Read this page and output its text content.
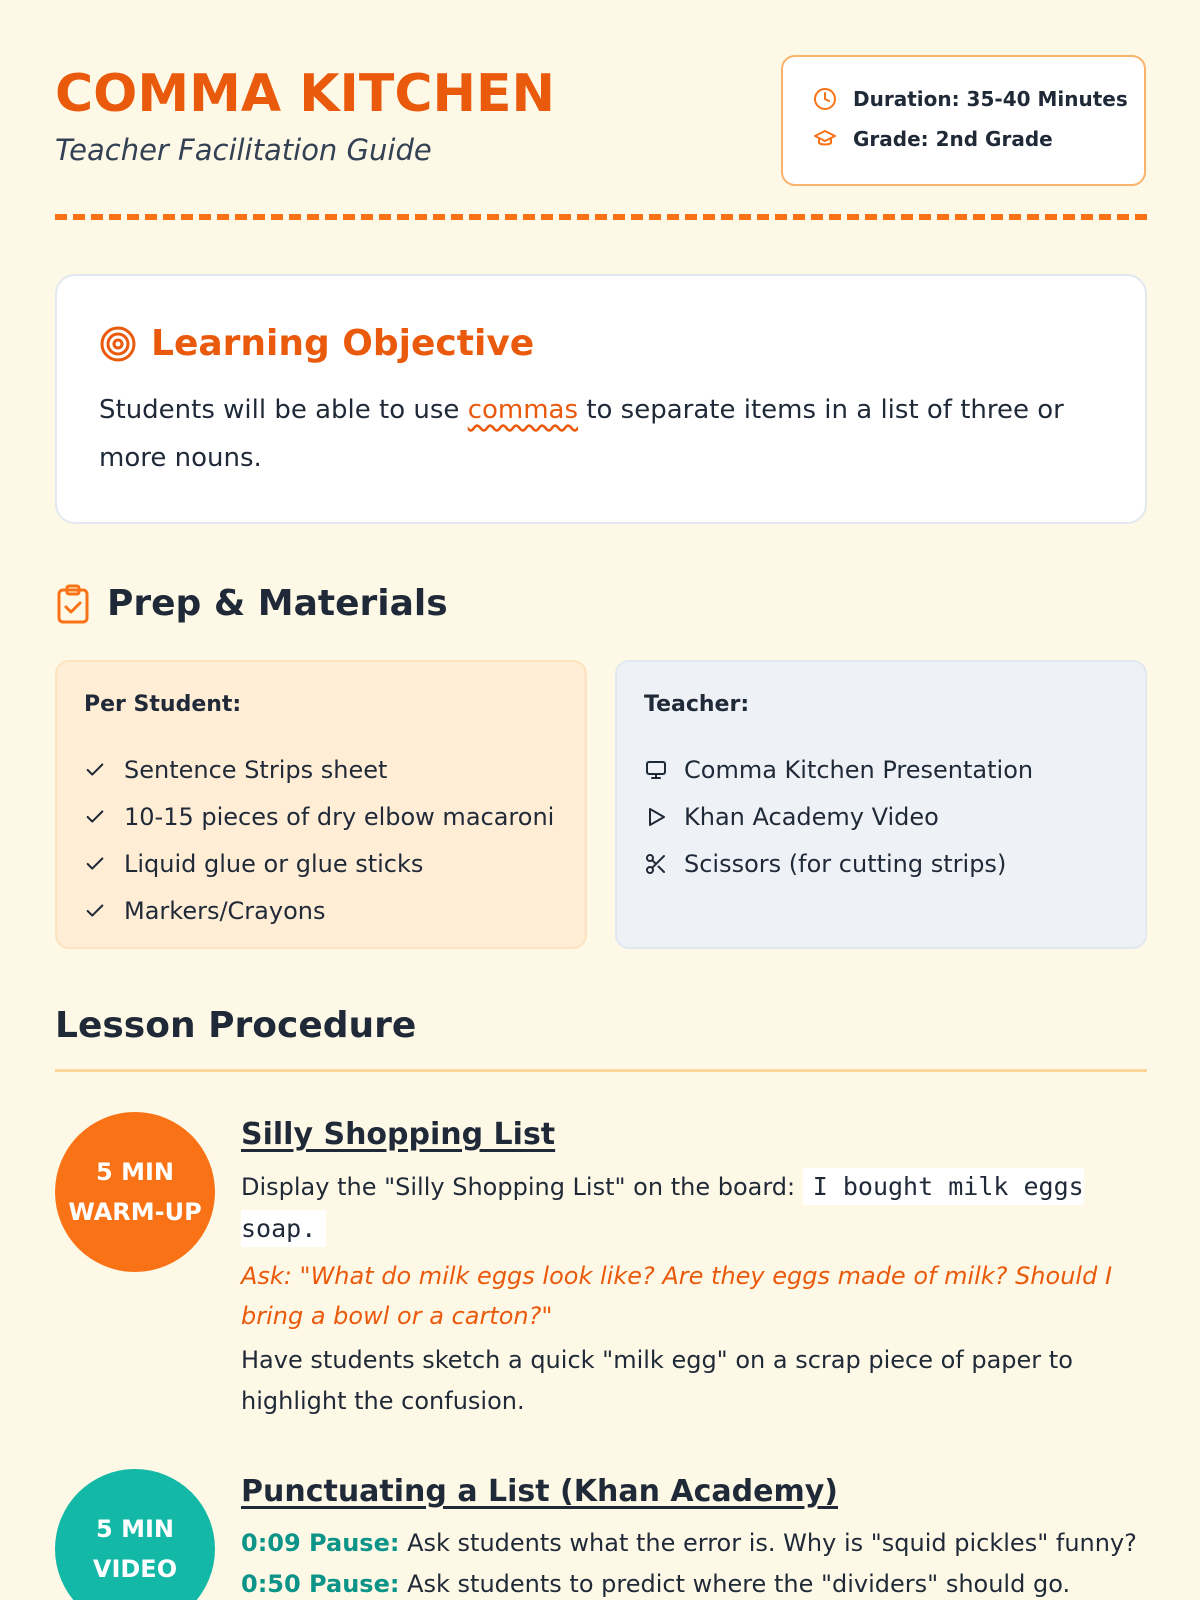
COMMA KITCHEN
Teacher Facilitation Guide
Duration: 35-40 Minutes
Grade: 2nd Grade
Learning Objective

Students will be able to use commas to separate items in a list of three or more nouns.

Prep & Materials
Per Student:
Sentence Strips sheet
10-15 pieces of dry elbow macaroni
Liquid glue or glue sticks
Markers/Crayons
Teacher:
Comma Kitchen Presentation
Khan Academy Video
Scissors (for cutting strips)
Lesson Procedure
5 MIN
WARM-UP
Silly Shopping List

Display the "Silly Shopping List" on the board: I bought milk eggs soap.

Ask: "What do milk eggs look like? Are they eggs made of milk? Should I bring a bowl or a carton?"

Have students sketch a quick "milk egg" on a scrap piece of paper to highlight the confusion.

5 MIN
VIDEO
Punctuating a List (Khan Academy)

0:09 Pause: Ask students what the error is. Why is "squid pickles" funny?

0:50 Pause: Ask students to predict where the "dividers" should go.
